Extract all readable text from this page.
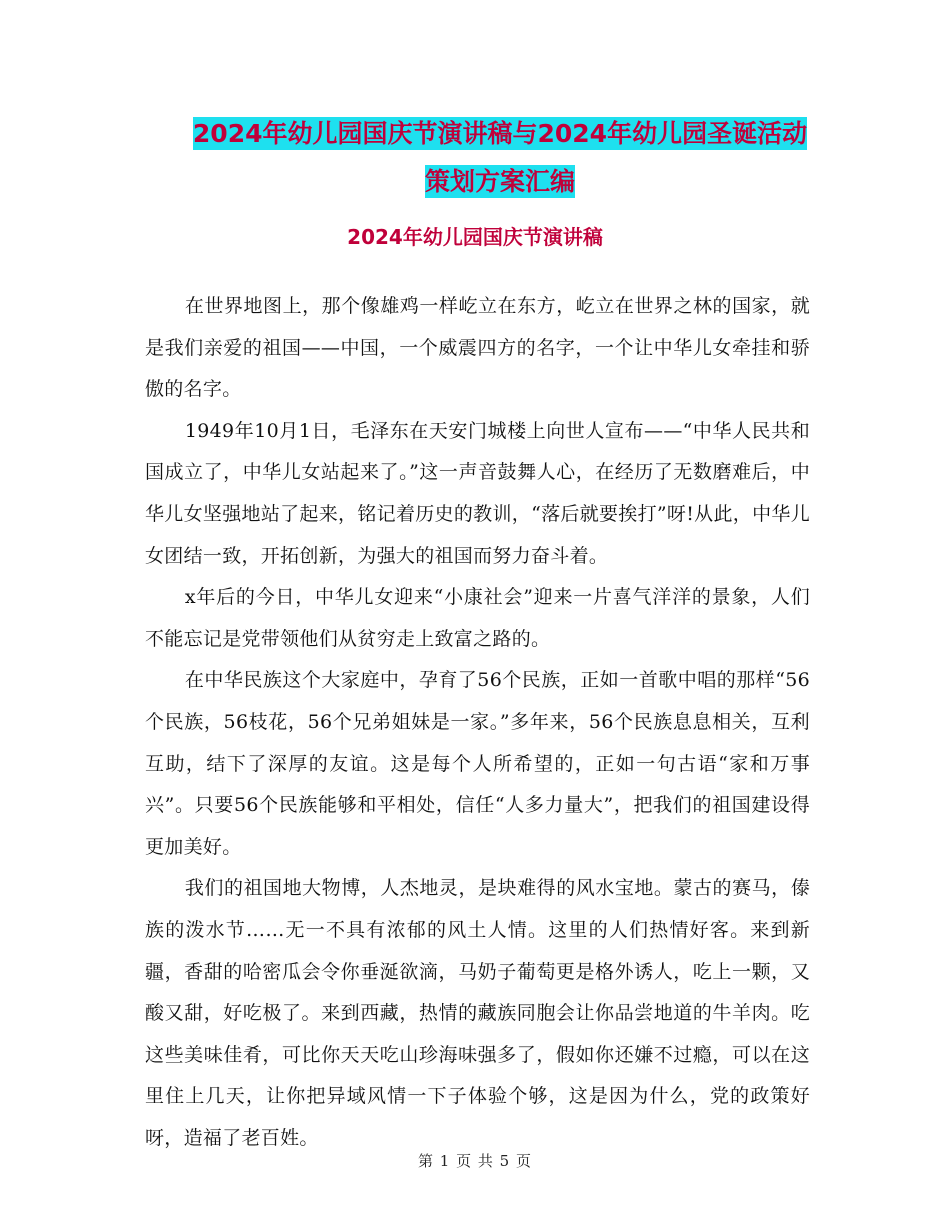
2024年幼儿园国庆节演讲稿与2024年幼儿园圣诞活动
策划方案汇编
2024年幼儿园国庆节演讲稿

在世界地图上，那个像雄鸡一样屹立在东方，屹立在世界之林的国家，就是我们亲爱的祖国——中国，一个威震四方的名字，一个让中华儿女牵挂和骄傲的名字。

1949年10月1日，毛泽东在天安门城楼上向世人宣布——“中华人民共和国成立了，中华儿女站起来了。”这一声音鼓舞人心，在经历了无数磨难后，中华儿女坚强地站了起来，铭记着历史的教训，“落后就要挨打”呀!从此，中华儿女团结一致，开拓创新，为强大的祖国而努力奋斗着。

x年后的今日，中华儿女迎来“小康社会”迎来一片喜气洋洋的景象，人们不能忘记是党带领他们从贫穷走上致富之路的。

在中华民族这个大家庭中，孕育了56个民族，正如一首歌中唱的那样“56个民族，56枝花，56个兄弟姐妹是一家。”多年来，56个民族息息相关，互利互助，结下了深厚的友谊。这是每个人所希望的，正如一句古语“家和万事兴”。只要56个民族能够和平相处，信任“人多力量大”，把我们的祖国建设得更加美好。

我们的祖国地大物博，人杰地灵，是块难得的风水宝地。蒙古的赛马，傣族的泼水节……无一不具有浓郁的风土人情。这里的人们热情好客。来到新疆，香甜的哈密瓜会令你垂涎欲滴，马奶子葡萄更是格外诱人，吃上一颗，又酸又甜，好吃极了。来到西藏，热情的藏族同胞会让你品尝地道的牛羊肉。吃这些美味佳肴，可比你天天吃山珍海味强多了，假如你还嫌不过瘾，可以在这里住上几天，让你把异域风情一下子体验个够，这是因为什么，党的政策好呀，造福了老百姓。

第 1 页 共 5 页
